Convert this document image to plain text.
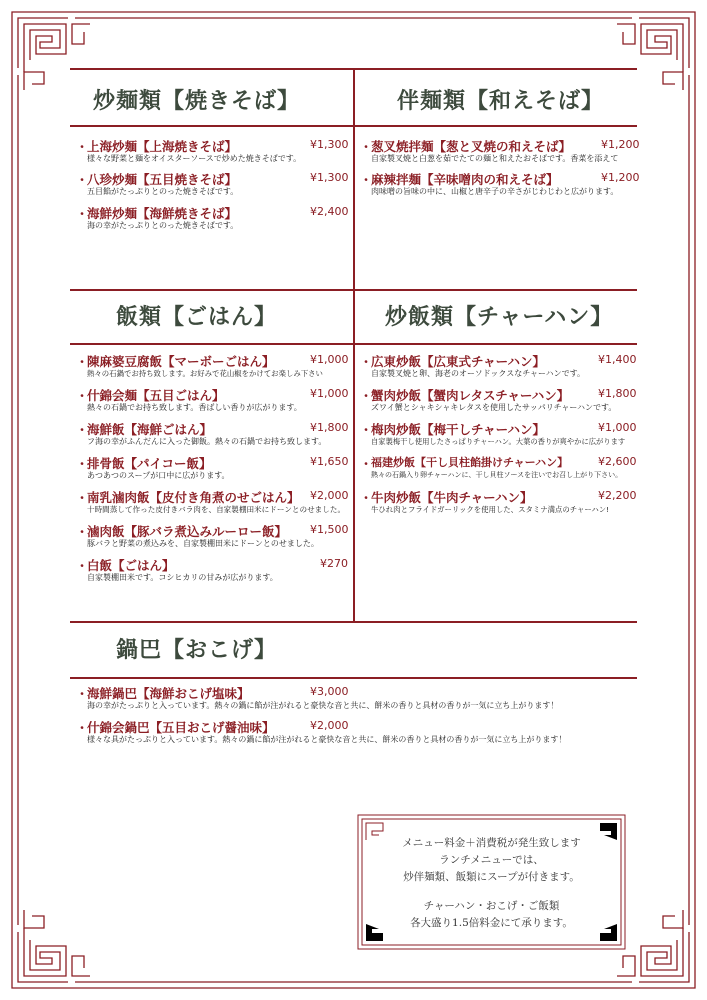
炒麺類【焼きそば】	伴麺類【和えそば】
飯類【ごはん】	炒飯類【チャーハン】
鍋巴【おこげ】
・
上海炒麺【上海焼きそば】	¥1,300
様々な野菜と麺をオイスターソースで炒めた焼きそばです。
・
八珍炒麺【五目焼きそば】	¥1,300
五目餡がたっぷりとのった焼きそばです。
・
海鮮炒麺【海鮮焼きそば】	¥2,400
海の幸がたっぷりとのった焼きそばです。
・
葱叉焼拌麺【葱と叉焼の和えそば】	¥1,200
自家製叉焼と白葱を茹でたての麺と和えたおそばです。香菜を添えて
・
麻辣拌麺【辛味噌肉の和えそば】	¥1,200
肉味噌の旨味の中に、山椒と唐辛子の辛さがじわじわと広がります。
・
陳麻婆豆腐飯【マーボーごはん】	¥1,000
熱々の石鍋でお持ち致します。お好みで花山椒をかけてお楽しみ下さい
・
什錦会麺【五目ごはん】	¥1,000
熱々の石鍋でお持ち致します。香ばしい香りが広がります。
・
海鮮飯【海鮮ごはん】	¥1,800
フ海の幸がふんだんに入った御飯。熱々の石鍋でお持ち致します。
・
排骨飯【パイコー飯】	¥1,650
あつあつのスープが口中に広がります。
・
南乳滷肉飯【皮付き角煮のせごはん】 ¥2,000
十時間蒸して作った皮付きバラ肉を、自家製棚田米にドーンとのせました。
・
滷肉飯【豚バラ煮込みルーロー飯】 ¥1,500
豚バラと野菜の煮込みを、自家製棚田米にドーンとのせました。
・
白飯【ごはん】	¥270
自家製棚田米です。コシヒカリの甘みが広がります。
・
広東炒飯【広東式チャーハン】	¥1,400
自家製叉焼と卵、海老のオーソドックスなチャーハンです。
・
蟹肉炒飯【蟹肉レタスチャーハン】	¥1,800
ズワイ蟹とシャキシャキレタスを使用したサッパリチャーハンです。
・
梅肉炒飯【梅干しチャーハン】	¥1,000
自家製梅干し使用したさっぱりチャーハン。大葉の香りが爽やかに広がります
・
福建炒飯【干し貝柱餡掛けチャーハン】	¥2,600
熱々の石鍋入り卵チャーハンに、干し貝柱ソースを注いでお召し上がり下さい。
・
牛肉炒飯【牛肉チャーハン】	¥2,200
牛ひれ肉とフライドガーリックを使用した、スタミナ満点のチャーハン!
・
海鮮鍋巴【海鮮おこげ塩味】	¥3,000
海の幸がたっぷりと入っています。熱々の鍋に餡が注がれると豪快な音と共に、餅米の香りと具材の香りが一気に立ち上がります！
・
什錦会鍋巴【五目おこげ醤油味】	¥2,000
様々な具がたっぷりと入っています。熱々の鍋に餡が注がれると豪快な音と共に、餅米の香りと具材の香りが一気に立ち上がります！
メニュー料金＋消費税が発生致します
ランチメニューでは、
炒伴麺類、飯類にスープが付きます。
チャーハン・おこげ・ご飯類
各大盛り1.5倍料金にて承ります。
